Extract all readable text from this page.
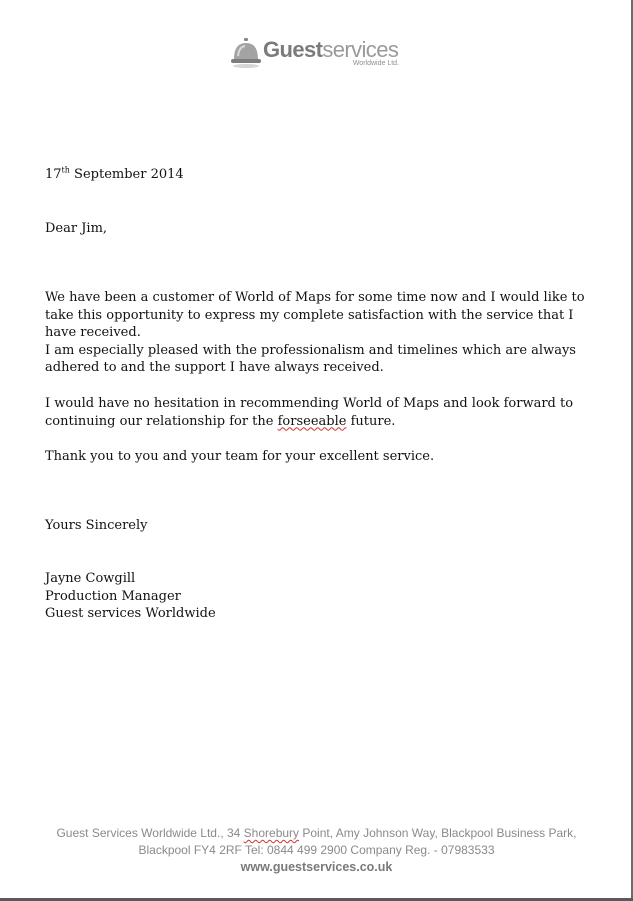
Guestservices
Worldwide Ltd.
17th September 2014
Dear Jim,

We have been a customer of World of Maps for some time now and I would like to

take this opportunity to express my complete satisfaction with the service that I

have received.

I am especially pleased with the professionalism and timelines which are always

adhered to and the support I have always received.

I would have no hesitation in recommending World of Maps and look forward to

continuing our relationship for the forseeable future.

Thank you to you and your team for your excellent service.
Yours Sincerely

Jayne Cowgill

Production Manager

Guest services Worldwide

Guest Services Worldwide Ltd., 34 Shorebury Point, Amy Johnson Way, Blackpool Business Park,
Blackpool FY4 2RF Tel: 0844 499 2900 Company Reg. - 07983533
www.guestservices.co.uk
